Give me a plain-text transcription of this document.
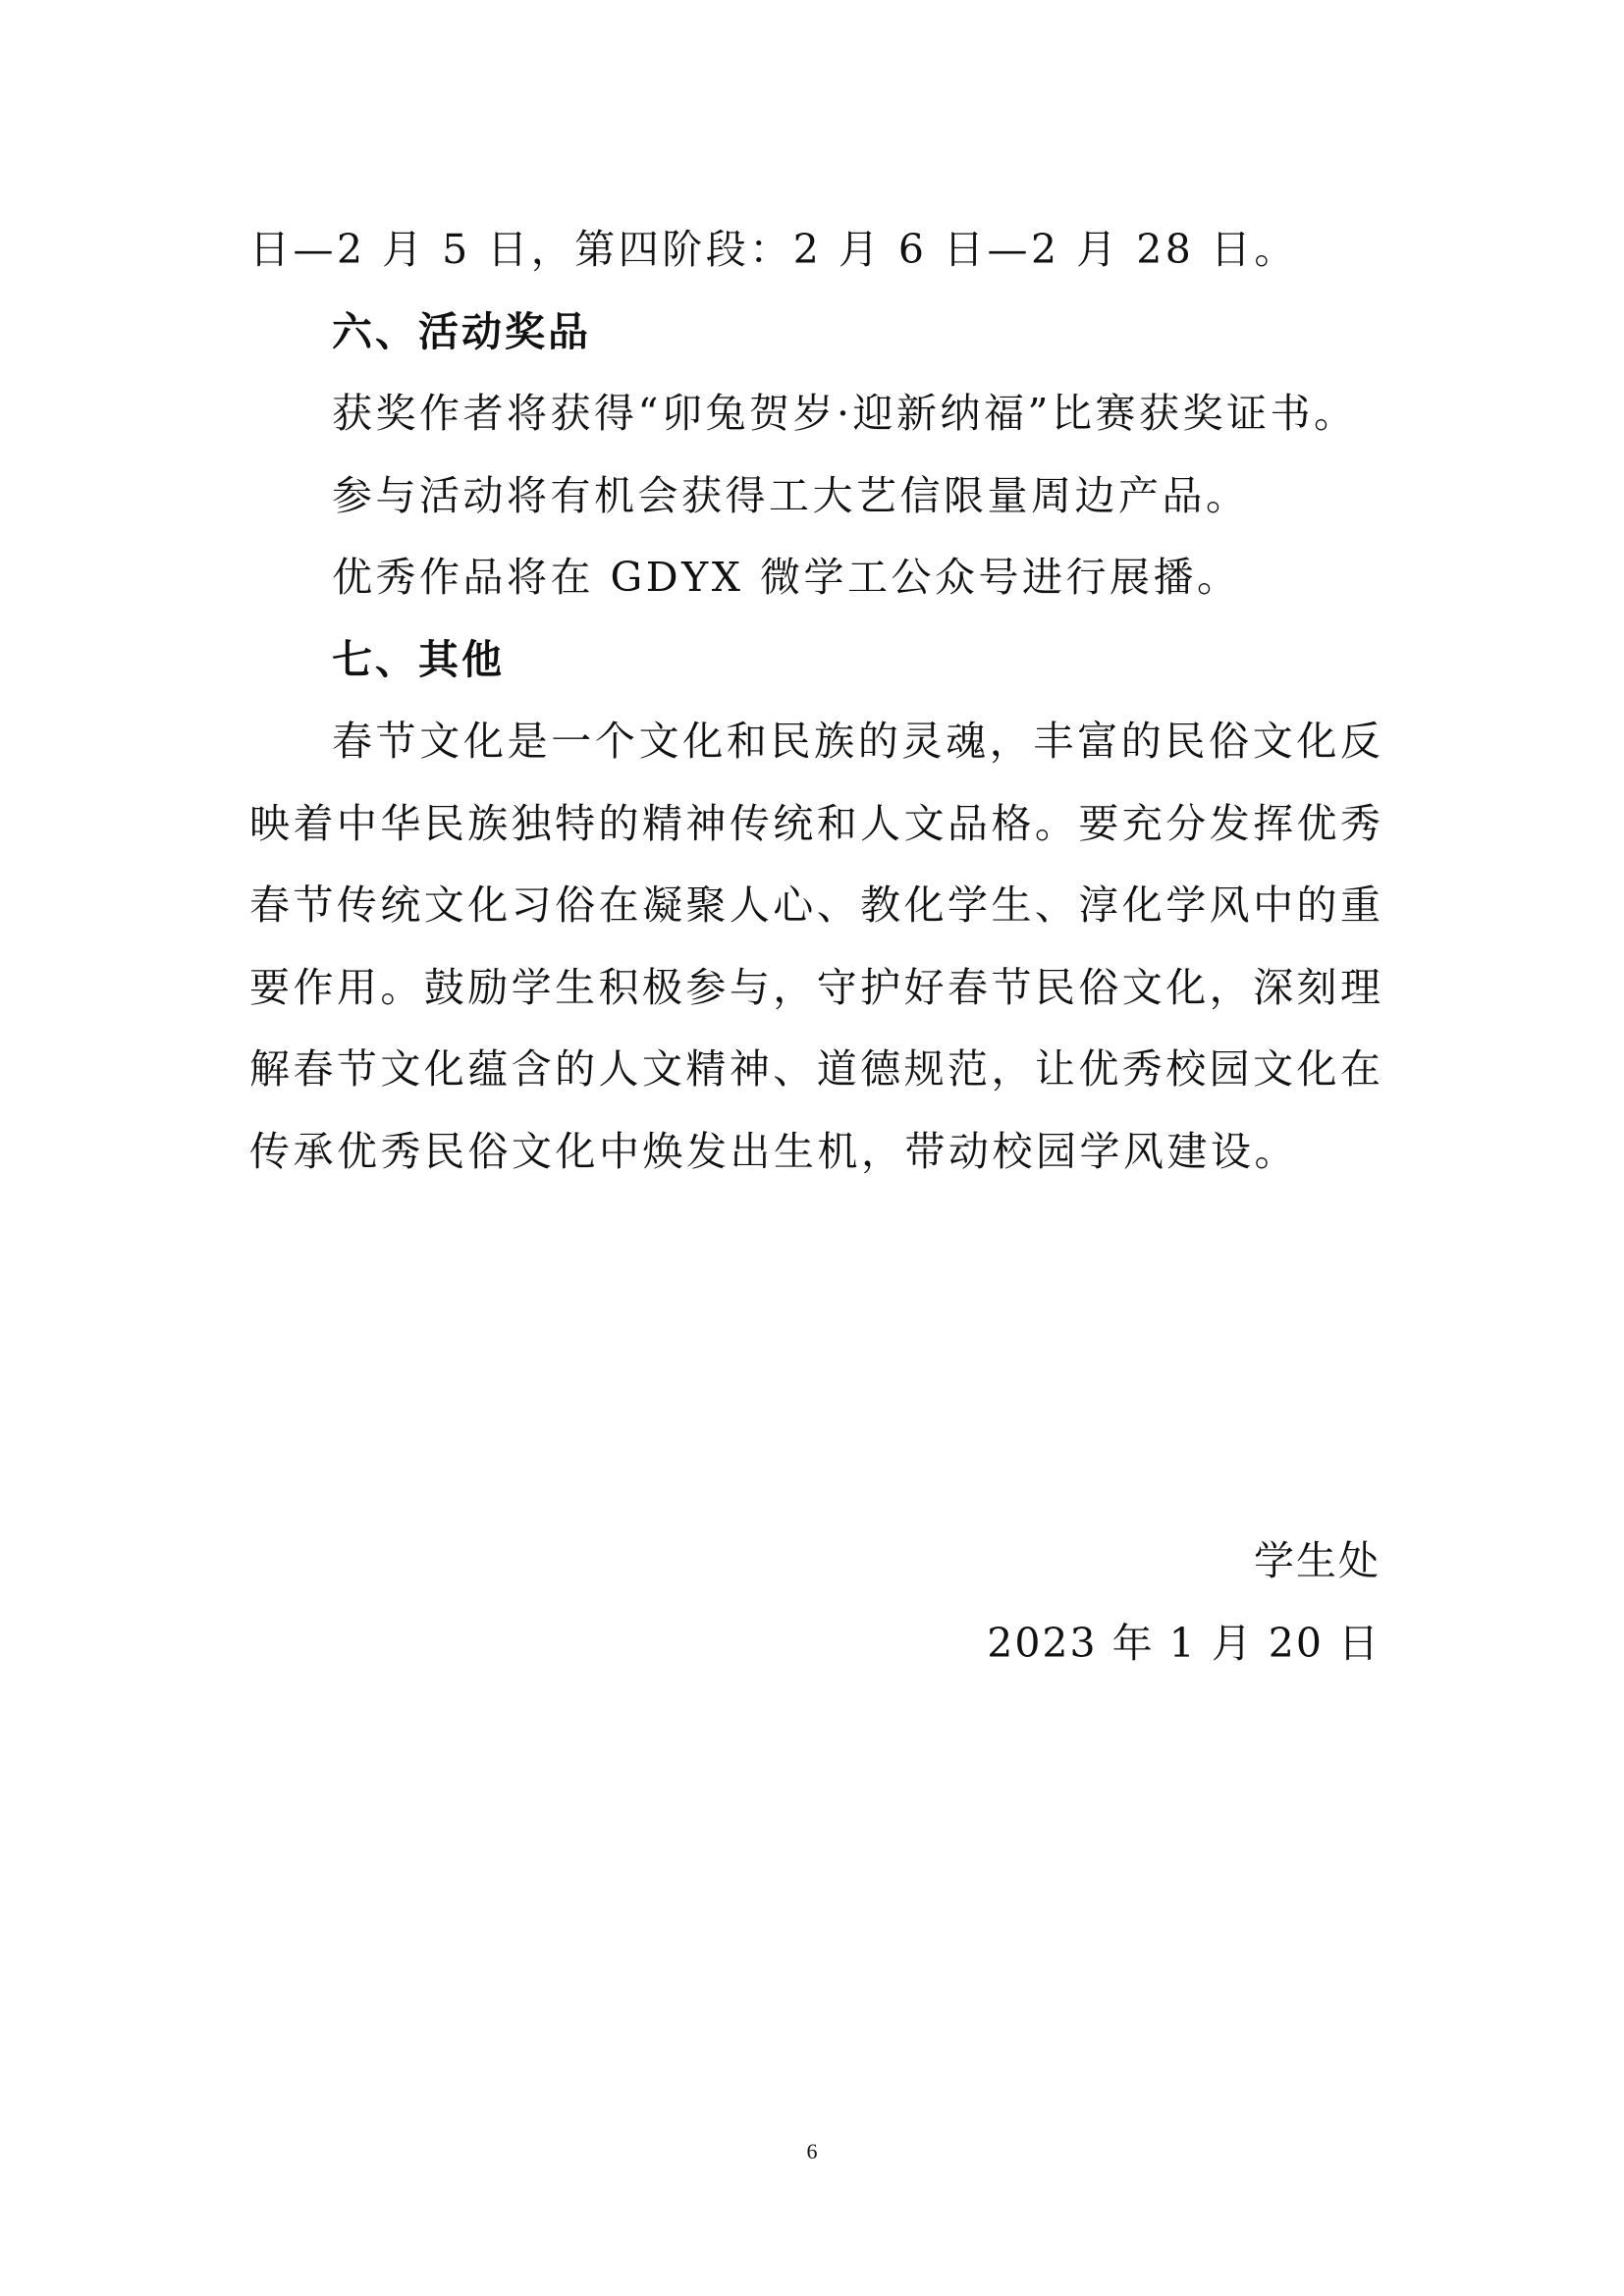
日—2 月 5 日，第四阶段：2 月 6 日—2 月 28 日。
六、活动奖品
获奖作者将获得“卯兔贺岁·迎新纳福”比赛获奖证书。
参与活动将有机会获得工大艺信限量周边产品。
优秀作品将在 GDYX 微学工公众号进行展播。
七、其他
春节文化是一个文化和民族的灵魂，丰富的民俗文化反
映着中华民族独特的精神传统和人文品格。要充分发挥优秀
春节传统文化习俗在凝聚人心、教化学生、淳化学风中的重
要作用。鼓励学生积极参与，守护好春节民俗文化，深刻理
解春节文化蕴含的人文精神、道德规范，让优秀校园文化在
传承优秀民俗文化中焕发出生机，带动校园学风建设。
学生处
2023 年 1 月 20 日
6
